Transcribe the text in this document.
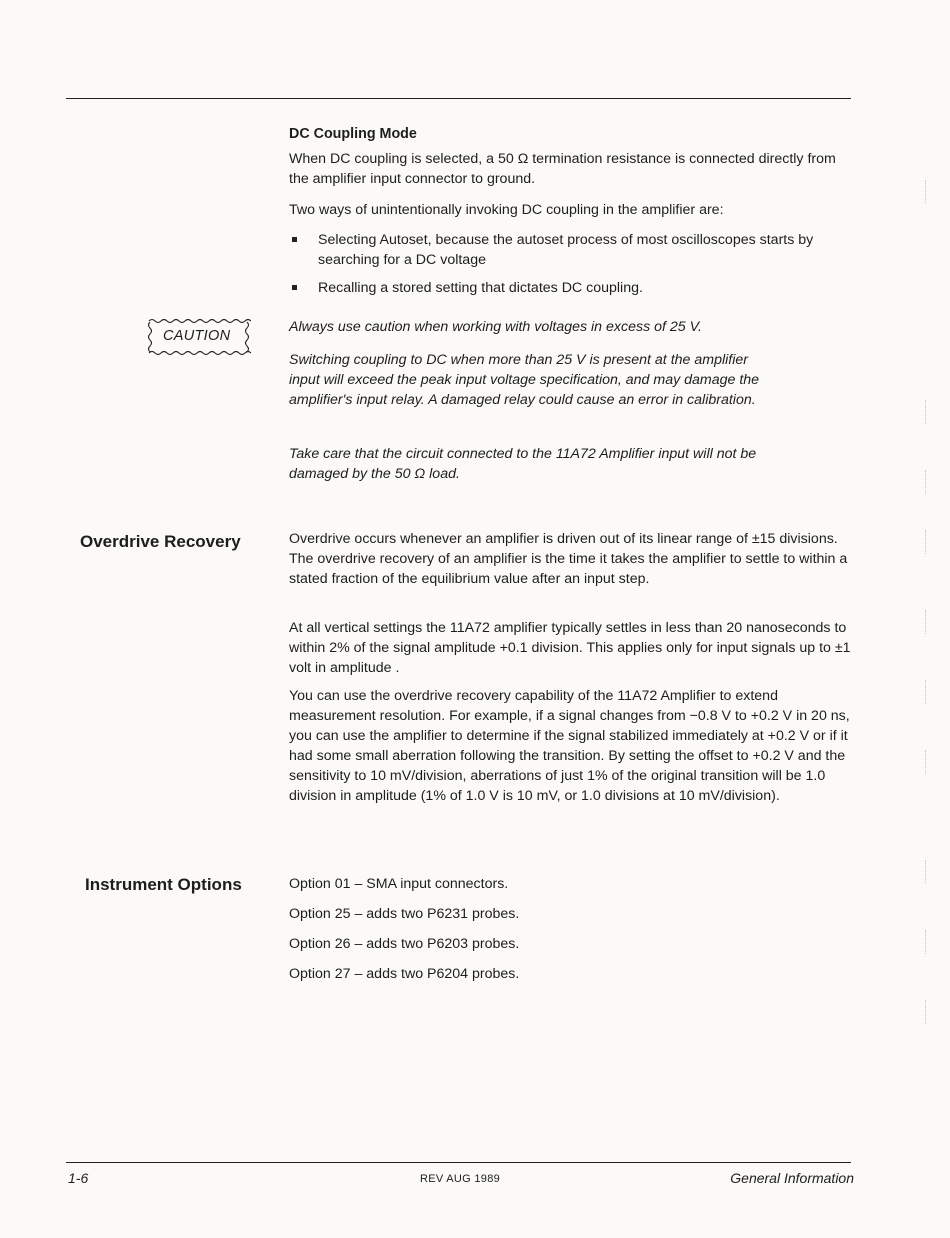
DC Coupling Mode

When DC coupling is selected, a 50 Ω termination resistance is connected directly from the amplifier input connector to ground.

Two ways of unintentionally invoking DC coupling in the amplifier are:

Selecting Autoset, because the autoset process of most oscilloscopes starts by searching for a DC voltage

Recalling a stored setting that dictates DC coupling.

CAUTION

Always use caution when working with voltages in excess of 25 V.

Switching coupling to DC when more than 25 V is present at the amplifier input will exceed the peak input voltage specification, and may damage the amplifier's input relay. A damaged relay could cause an error in calibration.

Take care that the circuit connected to the 11A72 Amplifier input will not be damaged by the 50 Ω load.

Overdrive Recovery	Overdrive occurs whenever an amplifier is driven out of its linear range of ±15 divisions. The overdrive recovery of an amplifier is the time it takes the amplifier to settle to within a stated fraction of the equilibrium value after an input step.

At all vertical settings the 11A72 amplifier typically settles in less than 20 nanoseconds to within 2% of the signal amplitude +0.1 division. This applies only for input signals up to ±1 volt in amplitude .

You can use the overdrive recovery capability of the 11A72 Amplifier to extend measurement resolution. For example, if a signal changes from −0.8 V to +0.2 V in 20 ns, you can use the amplifier to determine if the signal stabilized immediately at +0.2 V or if it had some small aberration following the transition. By setting the offset to +0.2 V and the sensitivity to 10 mV/division, aberrations of just 1% of the original transition will be 1.0 division in amplitude (1% of 1.0 V is 10 mV, or 1.0 divisions at 10 mV/division).

Instrument Options	Option 01 – SMA input connectors.

Option 25 – adds two P6231 probes.

Option 26 – adds two P6203 probes.

Option 27 – adds two P6204 probes.

1-6	REV AUG 1989	General Information
